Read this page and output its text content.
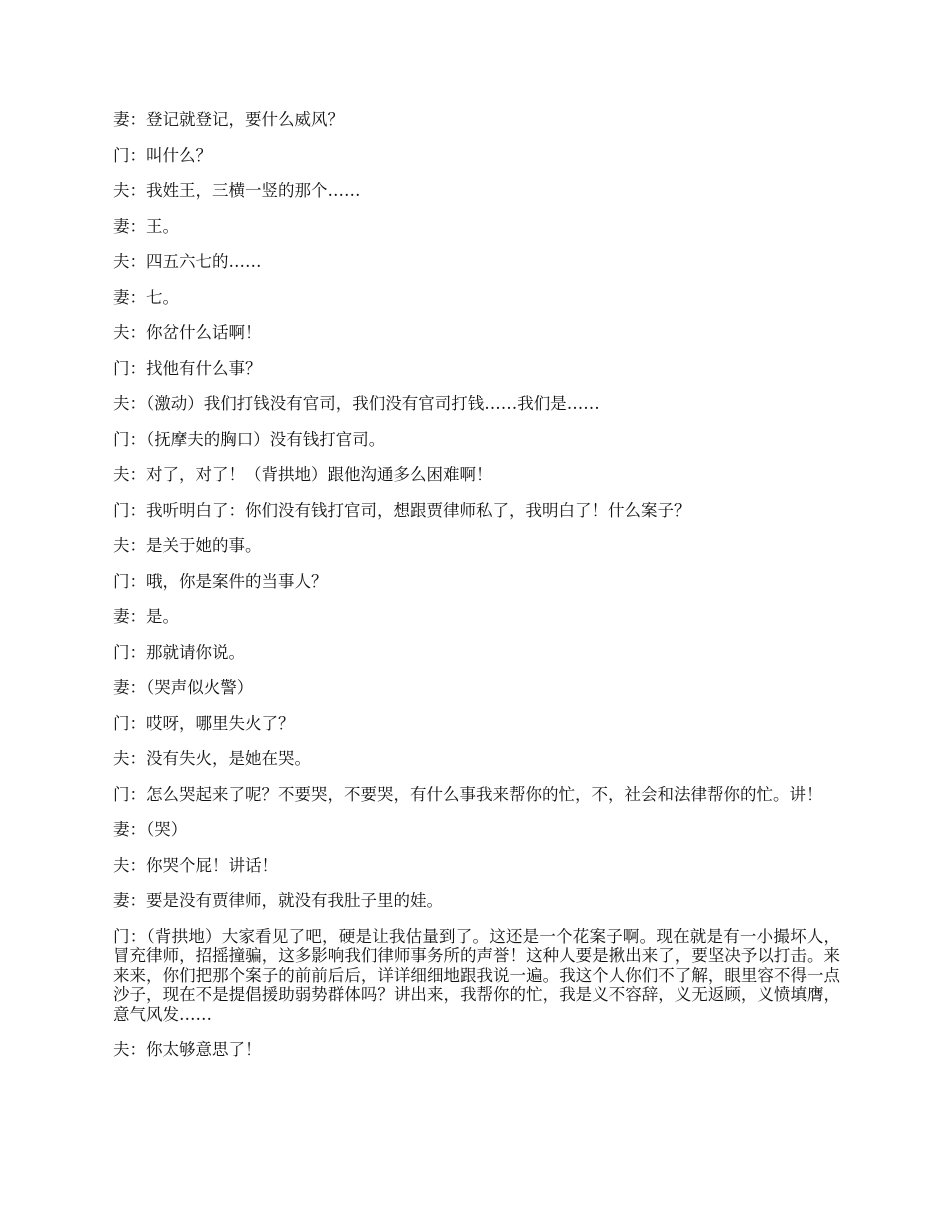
妻：登记就登记，要什么威风？

门：叫什么？

夫：我姓王，三横一竖的那个……

妻：王。

夫：四五六七的……

妻：七。

夫：你岔什么话啊！

门：找他有什么事？

夫：（激动）我们打钱没有官司，我们没有官司打钱……我们是……

门：（抚摩夫的胸口）没有钱打官司。

夫：对了，对了！（背拱地）跟他沟通多么困难啊！

门：我听明白了：你们没有钱打官司，想跟贾律师私了，我明白了！什么案子？

夫：是关于她的事。

门：哦，你是案件的当事人？

妻：是。

门：那就请你说。

妻：（哭声似火警）

门：哎呀，哪里失火了？

夫：没有失火，是她在哭。

门：怎么哭起来了呢？不要哭，不要哭，有什么事我来帮你的忙，不，社会和法律帮你的忙。讲！

妻：（哭）

夫：你哭个屁！讲话！

妻：要是没有贾律师，就没有我肚子里的娃。

门：（背拱地）大家看见了吧，硬是让我估量到了。这还是一个花案子啊。现在就是有一小撮坏人，冒充律师，招摇撞骗，这多影响我们律师事务所的声誉！这种人要是揪出来了，要坚决予以打击。来来来，你们把那个案子的前前后后，详详细细地跟我说一遍。我这个人你们不了解，眼里容不得一点沙子，现在不是提倡援助弱势群体吗？讲出来，我帮你的忙，我是义不容辞，义无返顾，义愤填膺，意气风发……

夫：你太够意思了！
